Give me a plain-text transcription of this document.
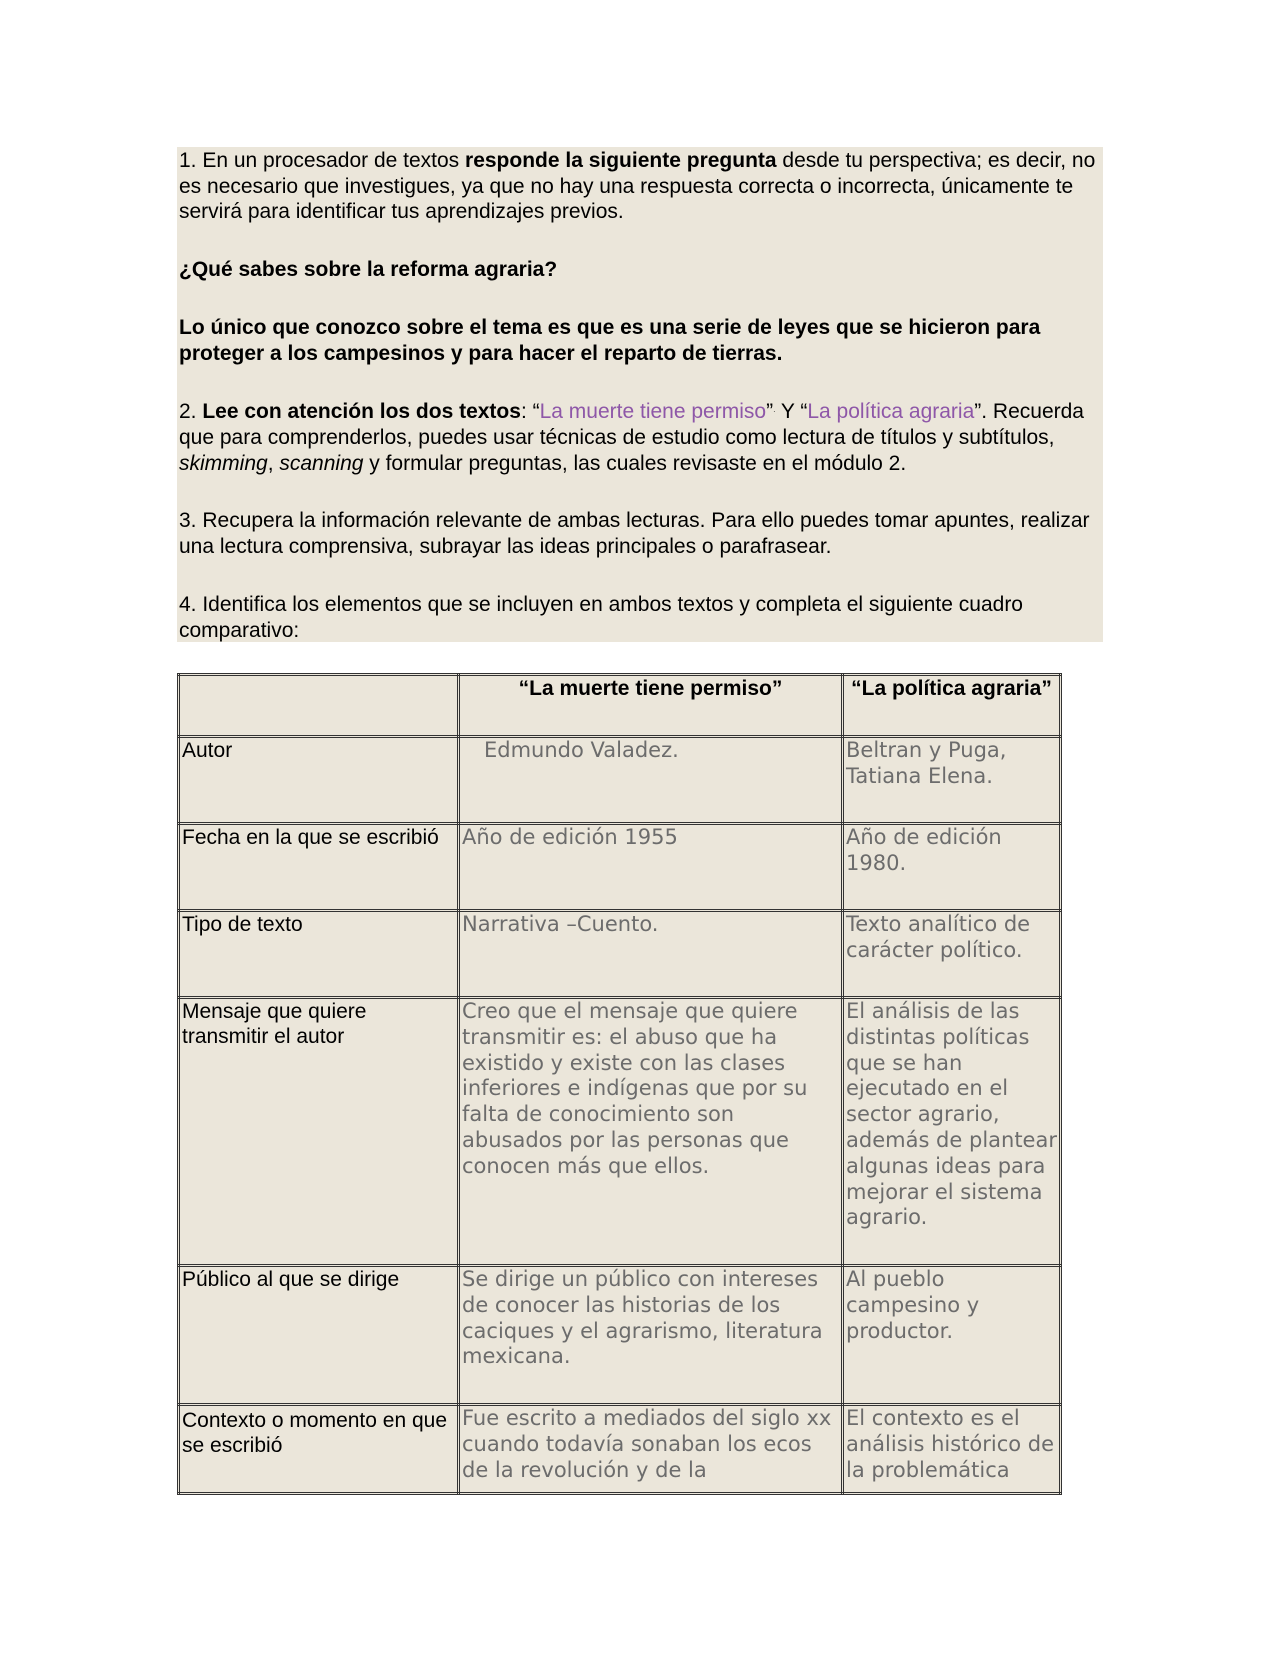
1. En un procesador de textos responde la siguiente pregunta desde tu perspectiva; es decir, no es necesario que investigues, ya que no hay una respuesta correcta o incorrecta, únicamente te servirá para identificar tus aprendizajes previos.

¿Qué sabes sobre la reforma agraria?

Lo único que conozco sobre el tema es que es una serie de leyes que se hicieron para proteger a los campesinos y para hacer el reparto de tierras.

2. Lee con atención los dos textos: “La muerte tiene permiso”· Y “La política agraria”. Recuerda que para comprenderlos, puedes usar técnicas de estudio como lectura de títulos y subtítulos, skimming, scanning y formular preguntas, las cuales revisaste en el módulo 2.

3. Recupera la información relevante de ambas lecturas. Para ello puedes tomar apuntes, realizar una lectura comprensiva, subrayar las ideas principales o parafrasear.

4. Identifica los elementos que se incluyen en ambos textos y completa el siguiente cuadro comparativo:

	“La muerte tiene permiso”	“La política agraria”
Autor	Edmundo Valadez.	Beltran y Puga, Tatiana Elena.
Fecha en la que se escribió	Año de edición 1955	Año de edición 1980.
Tipo de texto	Narrativa –Cuento.	Texto analítico de carácter político.
Mensaje que quiere transmitir el autor	Creo que el mensaje que quiere transmitir es: el abuso que ha existido y existe con las clases inferiores e indígenas que por su falta de conocimiento son abusados por las personas que conocen más que ellos.	El análisis de las distintas políticas que se han ejecutado en el sector agrario, además de plantear algunas ideas para mejorar el sistema agrario.
Público al que se dirige	Se dirige un público con intereses de conocer las historias de los caciques y el agrarismo, literatura mexicana.	Al pueblo campesino y productor.
Contexto o momento en que se escribió	Fue escrito a mediados del siglo xx cuando todavía sonaban los ecos de la revolución y de la	El contexto es el análisis histórico de la problemática
